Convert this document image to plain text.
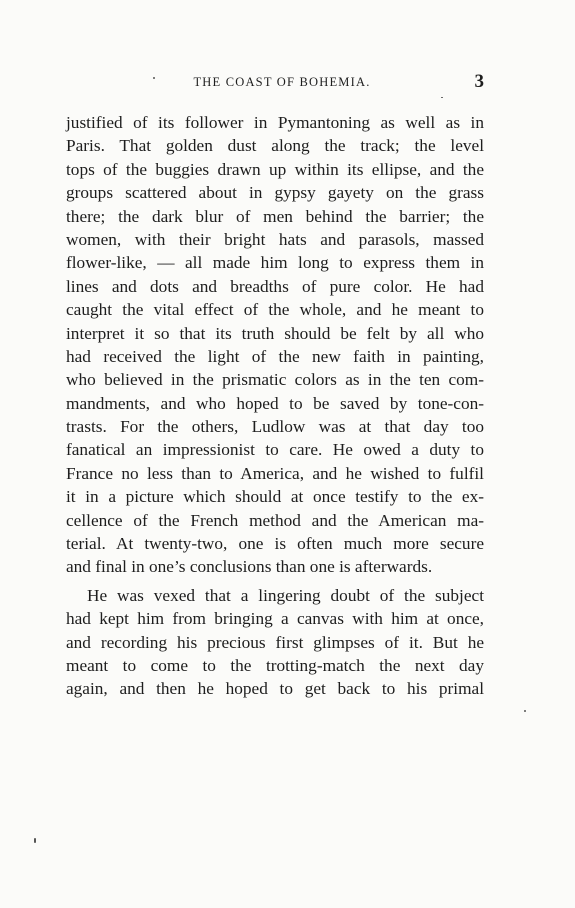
THE COAST OF BOHEMIA.	3

justified of its follower in Pymantoning as well as in
Paris. That golden dust along the track; the level
tops of the buggies drawn up within its ellipse, and the
groups scattered about in gypsy gayety on the grass
there; the dark blur of men behind the barrier; the
women, with their bright hats and parasols, massed
flower-like, — all made him long to express them in
lines and dots and breadths of pure color. He had
caught the vital effect of the whole, and he meant to
interpret it so that its truth should be felt by all who
had received the light of the new faith in painting,
who believed in the prismatic colors as in the ten com-
mandments, and who hoped to be saved by tone-con-
trasts. For the others, Ludlow was at that day too
fanatical an impressionist to care. He owed a duty to
France no less than to America, and he wished to fulfil
it in a picture which should at once testify to the ex-
cellence of the French method and the American ma-
terial. At twenty-two, one is often much more secure
and final in one’s conclusions than one is afterwards.

He was vexed that a lingering doubt of the subject
had kept him from bringing a canvas with him at once,
and recording his precious first glimpses of it. But he
meant to come to the trotting-match the next day
again, and then he hoped to get back to his primal
